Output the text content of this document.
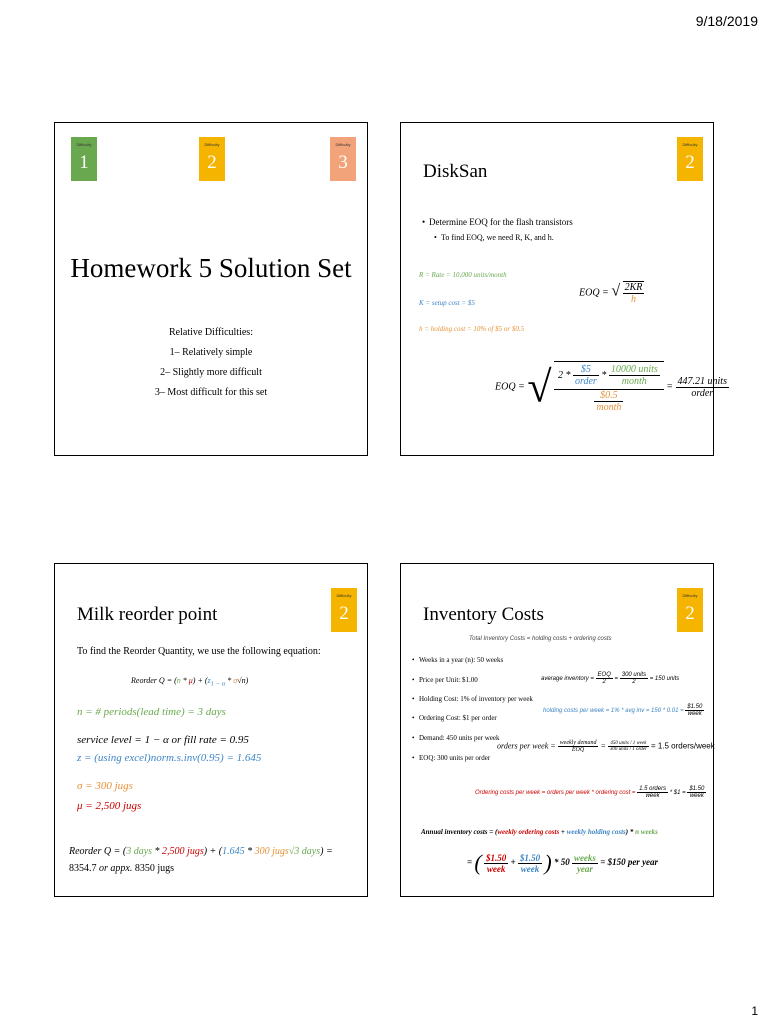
9/18/2019
Difficulty
1
Difficulty
2
Difficulty
3
Homework 5 Solution Set
Relative Difficulties:
1– Relatively simple
2– Slightly more difficult
3– Most difficult for this set
DiskSan
Difficulty
2
• Determine EOQ for the flash transistors
• To find EOQ, we need R, K, and h.
R = Rate = 10,000 units/month
K = setup cost = $5
h = holding cost = 10% of $5 or $0.5
EOQ = √ $\frac{2KR}{h}$
EOQ = √ $2 * \frac{\$5}{\text{order}} * \frac{\text{10000 units}}{\text{month}}$
$\frac{\$0.5}{\text{month}}$
= $\frac{\text{447.21 units}}{\text{order}}$
Milk reorder point
Difficulty
2
To find the Reorder Quantity, we use the following equation:
Reorder $Q = (n * \mu) + (z_{1 - \alpha} * \sigma√n)$
n = # periods(lead time) = 3 days
service level = 1 − α or fill rate = 0.95
z = (using excel)norm.s.inv(0.95) = 1.645
σ = 300 jugs
μ = 2,500 jugs
Reorder Q = (3 days * 2,500 jugs) + (1.645 * 300 jugs√3 days) =
8354.7 or appx. 8350 jugs
Inventory Costs
Difficulty
2
Total Inventory Costs = holding costs + ordering costs
• Weeks in a year (n): 50 weeks
• Price per Unit: $1.00
• Holding Cost: 1% of inventory per week
• Ordering Cost: $1 per order
• Demand: 450 units per week
• EOQ: 300 units per order
average inventory = $\frac{\text{EOQ}}{2} = \frac{\text{300 units}}{2} = 150$ units
holding costs per week = 1% * avg inv = $150 * 0.01 = \frac{\$1.50}{\text{week}}$
orders per week = $\frac{\text{weekly demand}}{\text{EOQ}} = \frac{\text{450 units / 1 week}}{\text{300 units / 1 order}} = 1.5$ orders/week
Ordering costs per week = orders per week * ordering $\cos t = \frac{\text{1.5 orders}}{\text{week}}$ * $1 = $\frac{\$1.50}{\text{week}}$
Annual inventory costs = (weekly ordering costs + weekly holding costs) * n weeks
= ( $\frac{\$1.50}{\text{week}} + \frac{\$1.50}{\text{week}}$ ) * $50 \frac{\text{weeks}}{\text{year}}$ = $150 per year
1
